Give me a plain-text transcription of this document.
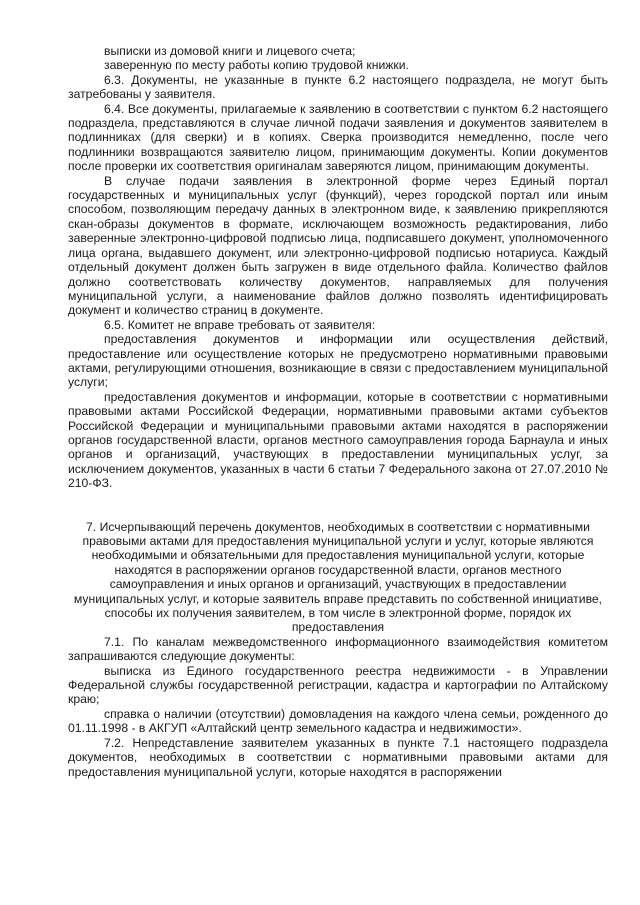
выписки из домовой книги и лицевого счета;

заверенную по месту работы копию трудовой книжки.

6.3. Документы, не указанные в пункте 6.2 настоящего подраздела, не могут быть затребованы у заявителя.

6.4. Все документы, прилагаемые к заявлению в соответствии с пунктом 6.2 настоящего подраздела, представляются в случае личной подачи заявления и документов заявителем в подлинниках (для сверки) и в копиях. Сверка производится немедленно, после чего подлинники возвращаются заявителю лицом, принимающим документы. Копии документов после проверки их соответствия оригиналам заверяются лицом, принимающим документы.

В случае подачи заявления в электронной форме через Единый портал государственных и муниципальных услуг (функций), через городской портал или иным способом, позволяющим передачу данных в электронном виде, к заявлению прикрепляются скан-образы документов в формате, исключающем возможность редактирования, либо заверенные электронно-цифровой подписью лица, подписавшего документ, уполномоченного лица органа, выдавшего документ, или электронно-цифровой подписью нотариуса. Каждый отдельный документ должен быть загружен в виде отдельного файла. Количество файлов должно соответствовать количеству документов, направляемых для получения муниципальной услуги, а наименование файлов должно позволять идентифицировать документ и количество страниц в документе.

6.5. Комитет не вправе требовать от заявителя:

предоставления документов и информации или осуществления действий, предоставление или осуществление которых не предусмотрено нормативными правовыми актами, регулирующими отношения, возникающие в связи с предоставлением муниципальной услуги;

предоставления документов и информации, которые в соответствии с нормативными правовыми актами Российской Федерации, нормативными правовыми актами субъектов Российской Федерации и муниципальными правовыми актами находятся в распоряжении органов государственной власти, органов местного самоуправления города Барнаула и иных органов и организаций, участвующих в предоставлении муниципальных услуг, за исключением документов, указанных в части 6 статьи 7 Федерального закона от 27.07.2010 № 210-ФЗ.

7. Исчерпывающий перечень документов, необходимых в соответствии с нормативными правовыми актами для предоставления муниципальной услуги и услуг, которые являются необходимыми и обязательными для предоставления муниципальной услуги, которые находятся в распоряжении органов государственной власти, органов местного самоуправления и иных органов и организаций, участвующих в предоставлении муниципальных услуг, и которые заявитель вправе представить по собственной инициативе, способы их получения заявителем, в том числе в электронной форме, порядок их предоставления

7.1. По каналам межведомственного информационного взаимодействия комитетом запрашиваются следующие документы:

выписка из Единого государственного реестра недвижимости - в Управлении Федеральной службы государственной регистрации, кадастра и картографии по Алтайскому краю;

справка о наличии (отсутствии) домовладения на каждого члена семьи, рожденного до 01.11.1998 - в АКГУП «Алтайский центр земельного кадастра и недвижимости».

7.2. Непредставление заявителем указанных в пункте 7.1 настоящего подраздела документов, необходимых в соответствии с нормативными правовыми актами для предоставления муниципальной услуги, которые находятся в распоряжении
